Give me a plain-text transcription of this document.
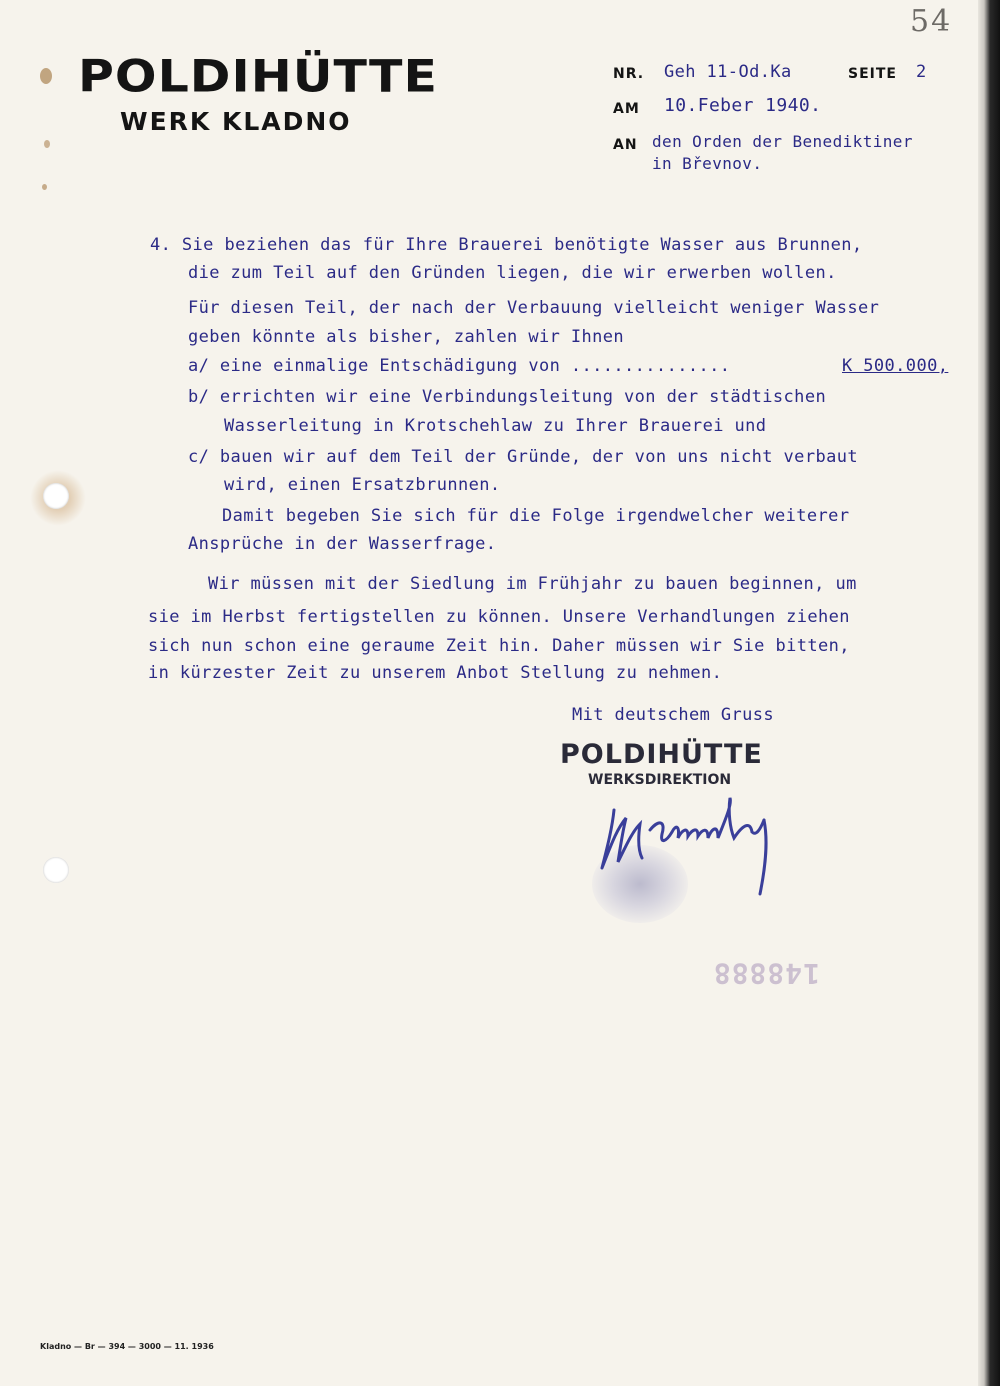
54
POLDIHÜTTE
WERK KLADNO
NR.	Geh 11-Od.Ka	SEITE	2
AM	10.Feber 1940.
AN den Orden der Benediktiner
in Břevnov.
4. Sie beziehen das für Ihre Brauerei benötigte Wasser aus Brunnen,
die zum Teil auf den Gründen liegen, die wir erwerben wollen.
Für diesen Teil, der nach der Verbauung vielleicht weniger Wasser
geben könnte als bisher, zahlen wir Ihnen
a/ eine einmalige Entschädigung von ...............	K 500.000,
b/ errichten wir eine Verbindungsleitung von der städtischen
Wasserleitung in Krotschehlaw zu Ihrer Brauerei und
c/ bauen wir auf dem Teil der Gründe, der von uns nicht verbaut
wird, einen Ersatzbrunnen.
Damit begeben Sie sich für die Folge irgendwelcher weiterer
Ansprüche in der Wasserfrage.
Wir müssen mit der Siedlung im Frühjahr zu bauen beginnen, um
sie im Herbst fertigstellen zu können. Unsere Verhandlungen ziehen
sich nun schon eine geraume Zeit hin. Daher müssen wir Sie bitten,
in kürzester Zeit zu unserem Anbot Stellung zu nehmen.
Mit deutschem Gruss
POLDIHÜTTE
WERKSDIREKTION
148888
Kladno — Br — 394 — 3000 — 11. 1936
